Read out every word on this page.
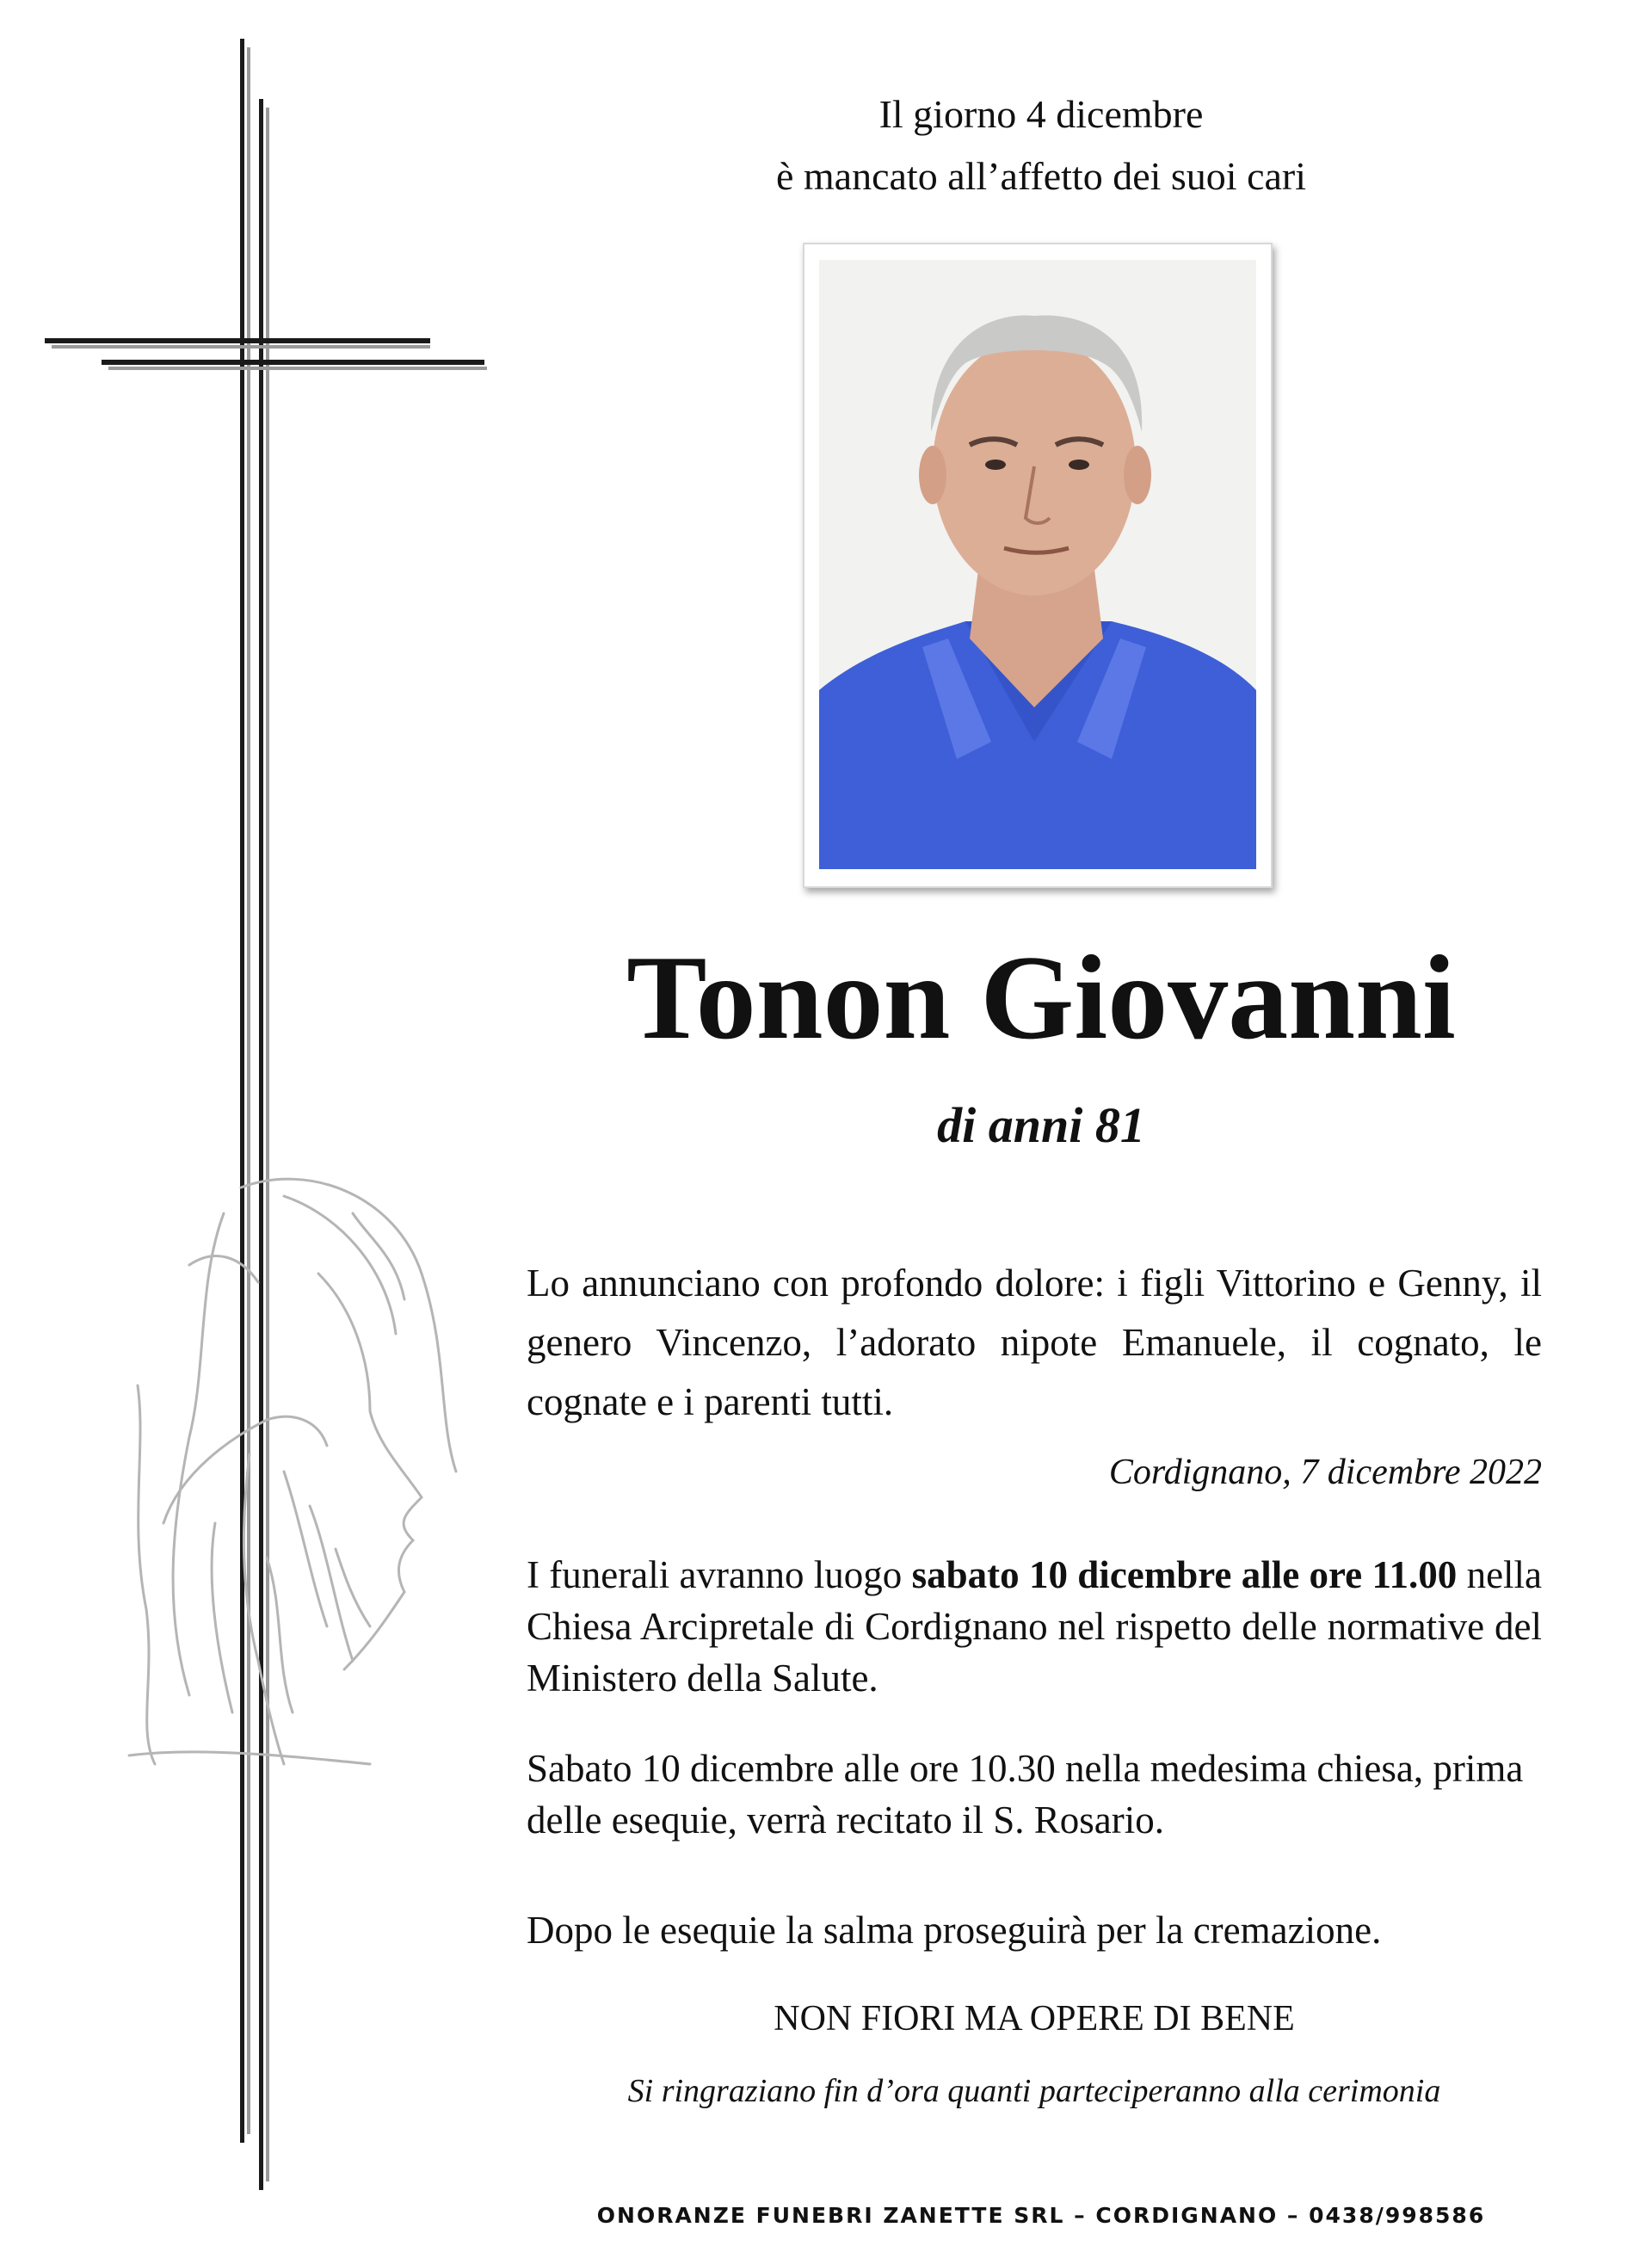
Il giorno 4 dicembre
è mancato all’affetto dei suoi cari
Tonon Giovanni
di anni 81
Lo annunciano con profondo dolore: i figli Vittorino e Genny, il genero Vincenzo, l’adorato nipote Emanuele, il cognato, le cognate e i parenti tutti.
Cordignano, 7 dicembre 2022
I funerali avranno luogo sabato 10 dicembre alle ore 11.00 nella Chiesa Arcipretale di Cordignano nel rispetto delle normative del Ministero della Salute.
Sabato 10 dicembre alle ore 10.30 nella medesima chiesa, prima delle esequie, verrà recitato il S. Rosario.
Dopo le esequie la salma proseguirà per la cremazione.
NON FIORI MA OPERE DI BENE
Si ringraziano fin d’ora quanti parteciperanno alla cerimonia
ONORANZE FUNEBRI ZANETTE SRL – CORDIGNANO – 0438/998586
